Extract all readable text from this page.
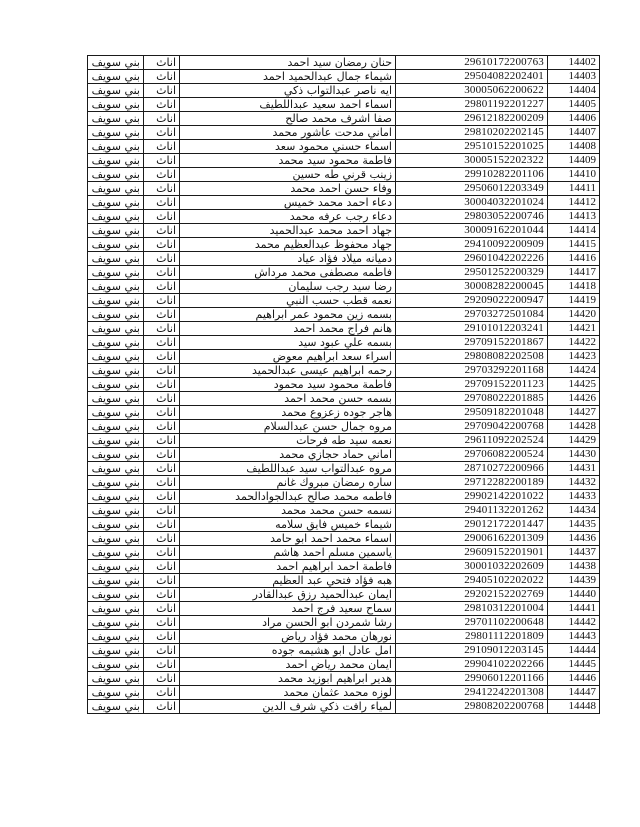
بني سويف	اناث	حنان رمضان سيد احمد	29610172200763	14402
بني سويف	اناث	شيماء جمال عبدالحميد احمد	29504082202401	14403
بني سويف	اناث	ايه ناصر عبدالتواب ذكي	30005062200622	14404
بني سويف	اناث	اسماء احمد سعيد عبداللطيف	29801192201227	14405
بني سويف	اناث	صفا اشرف محمد صالح	29612182200209	14406
بني سويف	اناث	اماني مدحت عاشور محمد	29810202202145	14407
بني سويف	اناث	اسماء حسني محمود سعد	29510152201025	14408
بني سويف	اناث	فاطمة محمود سيد محمد	30005152202322	14409
بني سويف	اناث	زينب قرني طه حسين	29910282201106	14410
بني سويف	اناث	وفاء حسن احمد محمد	29506012203349	14411
بني سويف	اناث	دعاء احمد محمد خميس	30004032201024	14412
بني سويف	اناث	دعاء رجب عرفه محمد	29803052200746	14413
بني سويف	اناث	جهاد احمد محمد عبدالحميد	30009162201044	14414
بني سويف	اناث	جهاد محفوظ عبدالعظيم محمد	29410092200909	14415
بني سويف	اناث	دميانه ميلاد فؤاد عياد	29601042202226	14416
بني سويف	اناث	فاطمه مصطفى محمد مرداش	29501252200329	14417
بني سويف	اناث	رضا سيد رجب سليمان	30008282200045	14418
بني سويف	اناث	نعمه قطب حسب النبي	29209022200947	14419
بني سويف	اناث	بسمه زين محمود عمر ابراهيم	29703272501084	14420
بني سويف	اناث	هانم فراج محمد احمد	29101012203241	14421
بني سويف	اناث	بسمه علي عبود سيد	29709152201867	14422
بني سويف	اناث	اسراء سعد ابراهيم معوض	29808082202508	14423
بني سويف	اناث	رحمه ابراهيم عيسى عبدالحميد	29703292201168	14424
بني سويف	اناث	فاطمة محمود سيد محمود	29709152201123	14425
بني سويف	اناث	بسمه حسن محمد احمد	29708022201885	14426
بني سويف	اناث	هاجر جوده زعزوع محمد	29509182201048	14427
بني سويف	اناث	مروه جمال حسن عبدالسلام	29709042200768	14428
بني سويف	اناث	نعمه سيد طه فرحات	29611092202524	14429
بني سويف	اناث	اماني حماد حجازي محمد	29706082200524	14430
بني سويف	اناث	مروه عبدالتواب سيد عبداللطيف	28710272200966	14431
بني سويف	اناث	ساره رمضان مبروك غانم	29712282200189	14432
بني سويف	اناث	فاطمه محمد صالح عبدالجوادالحمد	29902142201022	14433
بني سويف	اناث	نسمه حسن محمد محمد	29401132201262	14434
بني سويف	اناث	شيماء خميس فايق سلامه	29012172201447	14435
بني سويف	اناث	اسماء محمد احمد ابو حامد	29006162201309	14436
بني سويف	اناث	ياسمين مسلم احمد هاشم	29609152201901	14437
بني سويف	اناث	فاطمة احمد ابراهيم احمد	30001032202609	14438
بني سويف	اناث	هبه فؤاد فتحي عبد العظيم	29405102202022	14439
بني سويف	اناث	ايمان عبدالحميد رزق عبدالقادر	29202152202769	14440
بني سويف	اناث	سماح سعيد فرج احمد	29810312201004	14441
بني سويف	اناث	رشا شمردن ابو الحسن مراد	29701102200648	14442
بني سويف	اناث	نورهان محمد فؤاد رياض	29801112201809	14443
بني سويف	اناث	امل عادل ابو هشيمه جوده	29109012203145	14444
بني سويف	اناث	ايمان محمد رياض احمد	29904102202266	14445
بني سويف	اناث	هدير ابراهيم ابوزيد محمد	29906012201166	14446
بني سويف	اناث	لوزه محمد عثمان محمد	29412242201308	14447
بني سويف	اناث	لمياء رافت ذكي شرف الدين	29808202200768	14448
